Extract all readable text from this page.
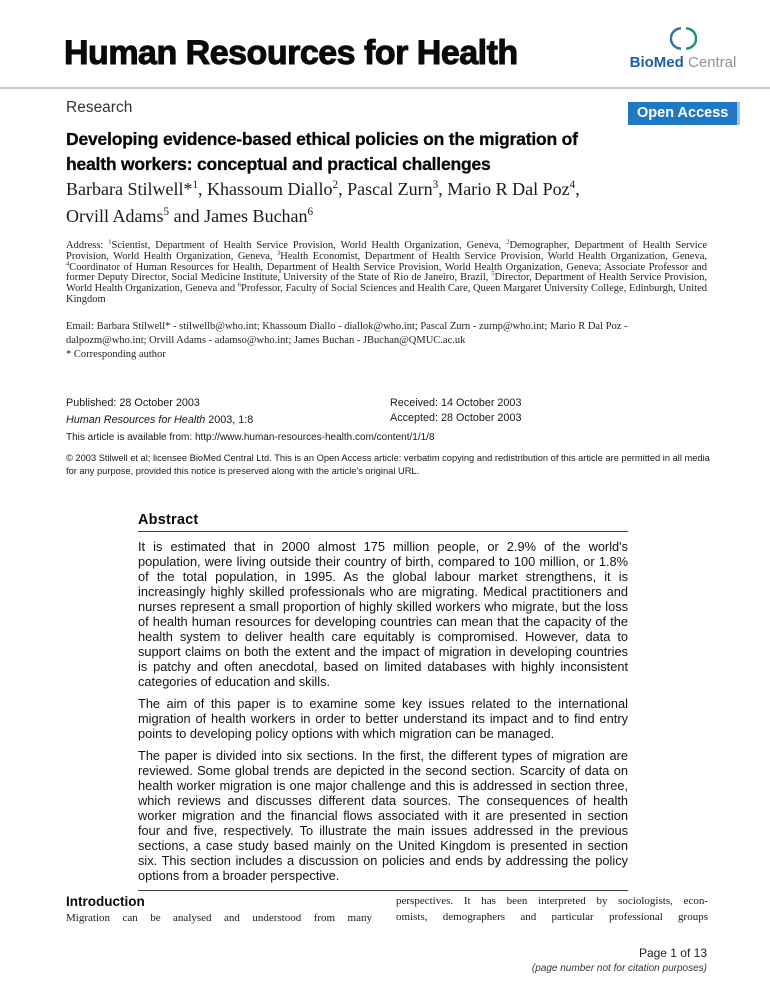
Human Resources for Health	BioMed Central
Research	Open Access
Developing evidence-based ethical policies on the migration of
health workers: conceptual and practical challenges
Barbara Stilwell*$^1$, Khassoum Diallo$^2$, Pascal Zurn$^3$, Mario R Dal Poz$^4$,
Orvill Adams$^5$ and James Buchan$^6$
Address: $^1$Scientist, Department of Health Service Provision, World Health Organization, Geneva, $^2$Demographer, Department of Health Service Provision, World Health Organization, Geneva, $^3$Health Economist, Department of Health Service Provision, World Health Organization, Geneva, $^4$Coordinator of Human Resources for Health, Department of Health Service Provision, World Health Organization, Geneva; Associate Professor and former Deputy Director, Social Medicine Institute, University of the State of Rio de Janeiro, Brazil, $^5$Director, Department of Health Service Provision, World Health Organization, Geneva and $^6$Professor, Faculty of Social Sciences and Health Care, Queen Margaret University College, Edinburgh, United Kingdom
Email: Barbara Stilwell* - stilwellb@who.int; Khassoum Diallo - diallok@who.int; Pascal Zurn - zurnp@who.int; Mario R Dal Poz - dalpozm@who.int; Orvill Adams - adamso@who.int; James Buchan - JBuchan@QMUC.ac.uk
* Corresponding author
Published: 28 October 2003
Human Resources for Health 2003, 1:8
Received: 14 October 2003
Accepted: 28 October 2003
This article is available from: http://www.human-resources-health.com/content/1/1/8
© 2003 Stilwell et al; licensee BioMed Central Ltd. This is an Open Access article: verbatim copying and redistribution of this article are permitted in all media for any purpose, provided this notice is preserved along with the article's original URL.
Abstract

It is estimated that in 2000 almost 175 million people, or 2.9% of the world's population, were living outside their country of birth, compared to 100 million, or 1.8% of the total population, in 1995. As the global labour market strengthens, it is increasingly highly skilled professionals who are migrating. Medical practitioners and nurses represent a small proportion of highly skilled workers who migrate, but the loss of health human resources for developing countries can mean that the capacity of the health system to deliver health care equitably is compromised. However, data to support claims on both the extent and the impact of migration in developing countries is patchy and often anecdotal, based on limited databases with highly inconsistent categories of education and skills.

The aim of this paper is to examine some key issues related to the international migration of health workers in order to better understand its impact and to find entry points to developing policy options with which migration can be managed.

The paper is divided into six sections. In the first, the different types of migration are reviewed. Some global trends are depicted in the second section. Scarcity of data on health worker migration is one major challenge and this is addressed in section three, which reviews and discusses different data sources. The consequences of health worker migration and the financial flows associated with it are presented in section four and five, respectively. To illustrate the main issues addressed in the previous sections, a case study based mainly on the United Kingdom is presented in section six. This section includes a discussion on policies and ends by addressing the policy options from a broader perspective.

Introduction
Migration can be analysed and understood from many
perspectives. It has been interpreted by sociologists, econ-
omists, demographers and particular professional groups
Page 1 of 13
(page number not for citation purposes)
